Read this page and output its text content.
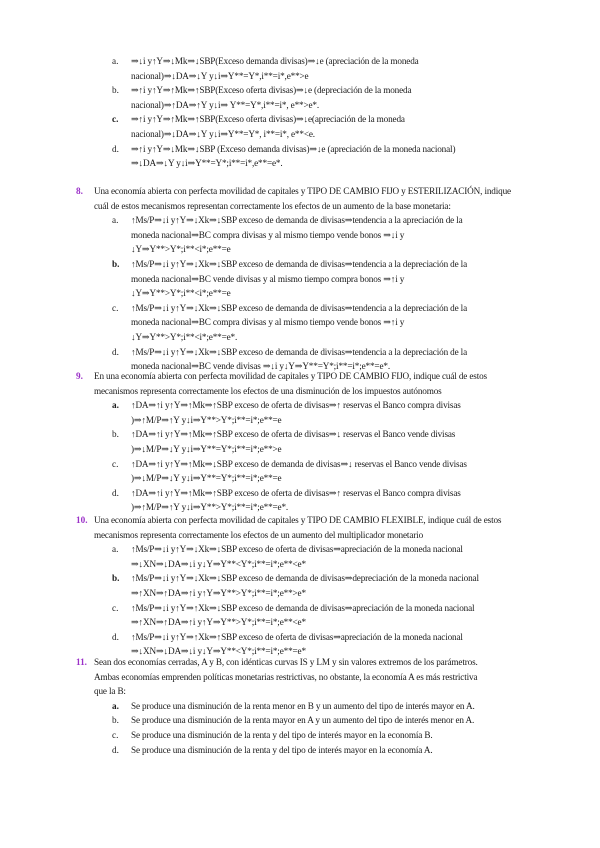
a. ⇒↓i y↑Y⇒↓Mk⇒↓SBP(Exceso demanda divisas)⇒↓e (apreciación de la moneda
nacional)⇒↓DA⇒↓Y y↓i⇒Y**=Y*,i**=i*,e**>e
b. ⇒↑i y↑Y⇒↑Mk⇒↑SBP(Exceso oferta divisas)⇒↓e (depreciación de la moneda
nacional)⇒↑DA⇒↑Y y↓i⇒ Y**=Y*,i**=i*, e**>e*.
c. ⇒↑i y↑Y⇒↑Mk⇒↑SBP(Exceso oferta divisas)⇒↓e(apreciación de la moneda
nacional)⇒↓DA⇒↓Y y↓i⇒Y**=Y*, i**=i*, e**<e.
d. ⇒↑i y↑Y⇒↓Mk⇒↓SBP (Exceso demanda divisas)⇒↓e (apreciación de la moneda nacional)
⇒↓DA⇒↓Y y↓i⇒Y**=Y*;i**=i*,e**=e*.
8. Una economía abierta con perfecta movilidad de capitales y TIPO DE CAMBIO FIJO y ESTERILIZACIÓN, indique
cuál de estos mecanismos representan correctamente los efectos de un aumento de la base monetaria:
a. ↑Ms/P⇒↓i y↑Y⇒↓Xk⇒↓SBP exceso de demanda de divisas⇒tendencia a la apreciación de la
moneda nacional⇒BC compra divisas y al mismo tiempo vende bonos ⇒↓i y
↓Y⇒Y**>Y*;i**<i*;e**=e
b. ↑Ms/P⇒↓i y↑Y⇒↓Xk⇒↓SBP exceso de demanda de divisas⇒tendencia a la depreciación de la
moneda nacional⇒BC vende divisas y al mismo tiempo compra bonos ⇒↑i y
↓Y⇒Y**>Y*;i**<i*;e**=e
c. ↑Ms/P⇒↓i y↑Y⇒↓Xk⇒↓SBP exceso de demanda de divisas⇒tendencia a la depreciación de la
moneda nacional⇒BC compra divisas y al mismo tiempo vende bonos ⇒↑i y
↓Y⇒Y**>Y*;i**<i*;e**=e*.
d. ↑Ms/P⇒↓i y↑Y⇒↓Xk⇒↓SBP exceso de demanda de divisas⇒tendencia a la depreciación de la
moneda nacional⇒BC vende divisas ⇒↓i y↓Y⇒Y**=Y*;i**=i*;e**=e*.
9. En una economía abierta con perfecta movilidad de capitales y TIPO DE CAMBIO FIJO, indique cuál de estos
mecanismos representa correctamente los efectos de una disminución de los impuestos autónomos
a. ↑DA⇒↑i y↑Y⇒↑Mk⇒↑SBP exceso de oferta de divisas⇒↑ reservas el Banco compra divisas
)⇒↑M/P⇒↑Y y↓i⇒Y**>Y*;i**=i*;e**=e
b. ↑DA⇒↑i y↑Y⇒↑Mk⇒↑SBP exceso de oferta de divisas⇒↓ reservas el Banco vende divisas
)⇒↓M/P⇒↓Y y↓i⇒Y**=Y*;i**=i*;e**>e
c. ↑DA⇒↑i y↑Y⇒↑Mk⇒↓SBP exceso de demanda de divisas⇒↓ reservas el Banco vende divisas
)⇒↓M/P⇒↓Y y↓i⇒Y**=Y*;i**=i*;e**=e
d. ↑DA⇒↑i y↑Y⇒↑Mk⇒↑SBP exceso de oferta de divisas⇒↑ reservas el Banco compra divisas
)⇒↑M/P⇒↑Y y↓i⇒Y**>Y*;i**=i*;e**=e*.
10. Una economía abierta con perfecta movilidad de capitales y TIPO DE CAMBIO FLEXIBLE, indique cuál de estos
mecanismos representa correctamente los efectos de un aumento del multiplicador monetario
a. ↑Ms/P⇒↓i y↑Y⇒↓Xk⇒↓SBP exceso de oferta de divisas⇒apreciación de la moneda nacional
⇒↓XN⇒↓DA⇒↓i y↓Y⇒Y**<Y*;i**=i*;e**<e*
b. ↑Ms/P⇒↓i y↑Y⇒↓Xk⇒↓SBP exceso de demanda de divisas⇒depreciación de la moneda nacional
⇒↑XN⇒↑DA⇒↑i y↑Y⇒Y**>Y*;i**=i*;e**>e*
c. ↑Ms/P⇒↓i y↑Y⇒↑Xk⇒↓SBP exceso de demanda de divisas⇒apreciación de la moneda nacional
⇒↑XN⇒↑DA⇒↑i y↑Y⇒Y**>Y*;i**=i*;e**<e*
d. ↑Ms/P⇒↓i y↑Y⇒↑Xk⇒↑SBP exceso de oferta de divisas⇒apreciación de la moneda nacional
⇒↓XN⇒↓DA⇒↓i y↓Y⇒Y**<Y*;i**=i*;e**=e*
11. Sean dos economías cerradas, A y B, con idénticas curvas IS y LM y sin valores extremos de los parámetros.
Ambas economías emprenden políticas monetarias restrictivas, no obstante, la economía A es más restrictiva
que la B:
a. Se produce una disminución de la renta menor en B y un aumento del tipo de interés mayor en A.
b. Se produce una disminución de la renta mayor en A y un aumento del tipo de interés menor en A.
c. Se produce una disminución de la renta y del tipo de interés mayor en la economía B.
d. Se produce una disminución de la renta y del tipo de interés mayor en la economía A.
